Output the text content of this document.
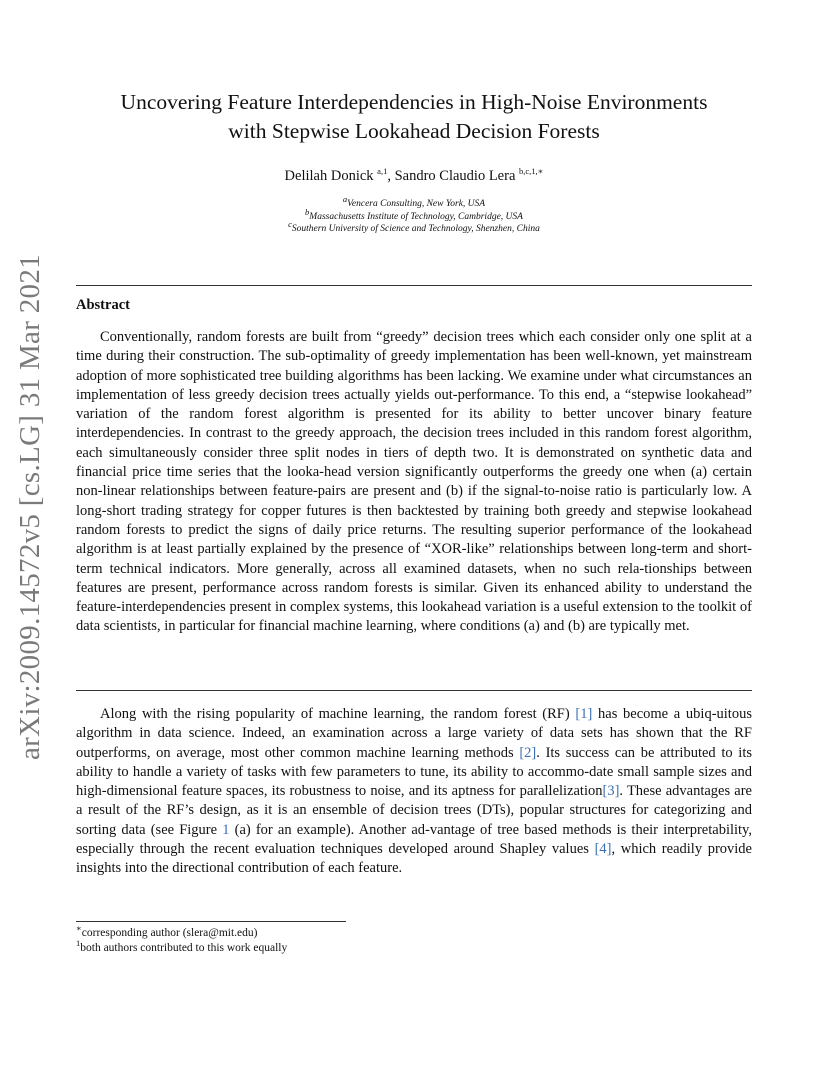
arXiv:2009.14572v5 [cs.LG] 31 Mar 2021
Uncovering Feature Interdependencies in High-Noise Environments
with Stepwise Lookahead Decision Forests
Delilah Donick $^{a,1}$, Sandro Claudio Lera $^{b,c,1,∗}$
$^a$Vencera Consulting, New York, USA
$^b$Massachusetts Institute of Technology, Cambridge, USA
$^c$Southern University of Science and Technology, Shenzhen, China
Abstract

Conventionally, random forests are built from “greedy” decision trees which each consider only one split at a time during their construction. The sub-optimality of greedy implementation has been well-known, yet mainstream adoption of more sophisticated tree building algorithms has been lacking. We examine under what circumstances an implementation of less greedy decision trees actually yields out-performance. To this end, a “stepwise lookahead” variation of the random forest algorithm is presented for its ability to better uncover binary feature interdependencies. In contrast to the greedy approach, the decision trees included in this random forest algorithm, each simultaneously consider three split nodes in tiers of depth two. It is demonstrated on synthetic data and financial price time series that the looka-head version significantly outperforms the greedy one when (a) certain non-linear relationships between feature-pairs are present and (b) if the signal-to-noise ratio is particularly low. A long-short trading strategy for copper futures is then backtested by training both greedy and stepwise lookahead random forests to predict the signs of daily price returns. The resulting superior performance of the lookahead algorithm is at least partially explained by the presence of “XOR-like” relationships between long-term and short-term technical indicators. More generally, across all examined datasets, when no such rela-tionships between features are present, performance across random forests is similar. Given its enhanced ability to understand the feature-interdependencies present in complex systems, this lookahead variation is a useful extension to the toolkit of data scientists, in particular for financial machine learning, where conditions (a) and (b) are typically met.

Along with the rising popularity of machine learning, the random forest (RF) [1] has become a ubiq-uitous algorithm in data science. Indeed, an examination across a large variety of data sets has shown that the RF outperforms, on average, most other common machine learning methods [2]. Its success can be attributed to its ability to handle a variety of tasks with few parameters to tune, its ability to accommo-date small sample sizes and high-dimensional feature spaces, its robustness to noise, and its aptness for parallelization[3]. These advantages are a result of the RF’s design, as it is an ensemble of decision trees (DTs), popular structures for categorizing and sorting data (see Figure 1 (a) for an example). Another ad-vantage of tree based methods is their interpretability, especially through the recent evaluation techniques developed around Shapley values [4], which readily provide insights into the directional contribution of each feature.

∗corresponding author (slera@mit.edu)
$^1$both authors contributed to this work equally
